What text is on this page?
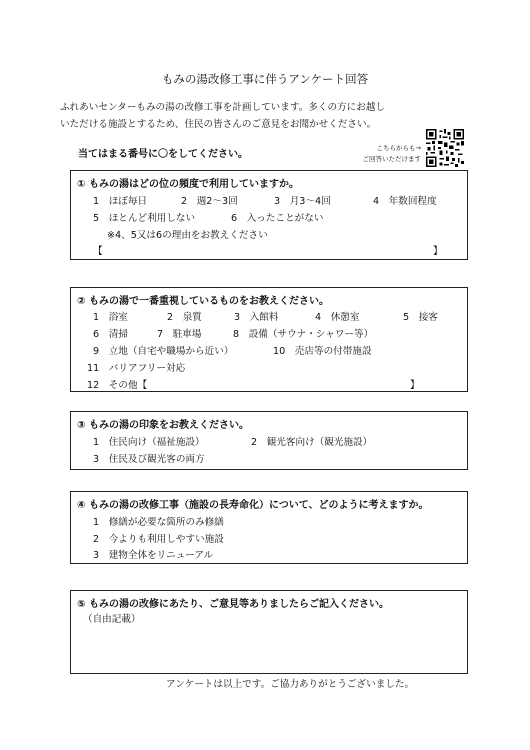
もみの湯改修工事に伴うアンケート回答
ふれあいセンターもみの湯の改修工事を計画しています。多くの方にお越し
いただける施設とするため、住民の皆さんのご意見をお聞かせください。
当てはまる番号に〇をしてください。
こちらからも→
ご回答いただけます
① もみの湯はどの位の頻度で利用していますか。
1　ほぼ毎日	2　週2～3回	3　月3～4回	4　年数回程度
5　ほとんど利用しない	6　入ったことがない
※4、5又は6の理由をお教えください
【	】
② もみの湯で一番重視しているものをお教えください。
1　浴室	2　泉質	3　入館料	4　休憩室	5　接客
6　清掃	7　駐車場	8　設備（サウナ・シャワー等）
9　立地（自宅や職場から近い）	10　売店等の付帯施設
11　バリアフリー対応
12　その他【	】
③ もみの湯の印象をお教えください。
1　住民向け（福祉施設）	2　観光客向け（観光施設）
3　住民及び観光客の両方
④ もみの湯の改修工事（施設の長寿命化）について、どのように考えますか。
1　修繕が必要な箇所のみ修繕
2　今よりも利用しやすい施設
3　建物全体をリニューアル
⑤ もみの湯の改修にあたり、ご意見等ありましたらご記入ください。
（自由記載）
アンケートは以上です。ご協力ありがとうございました。
